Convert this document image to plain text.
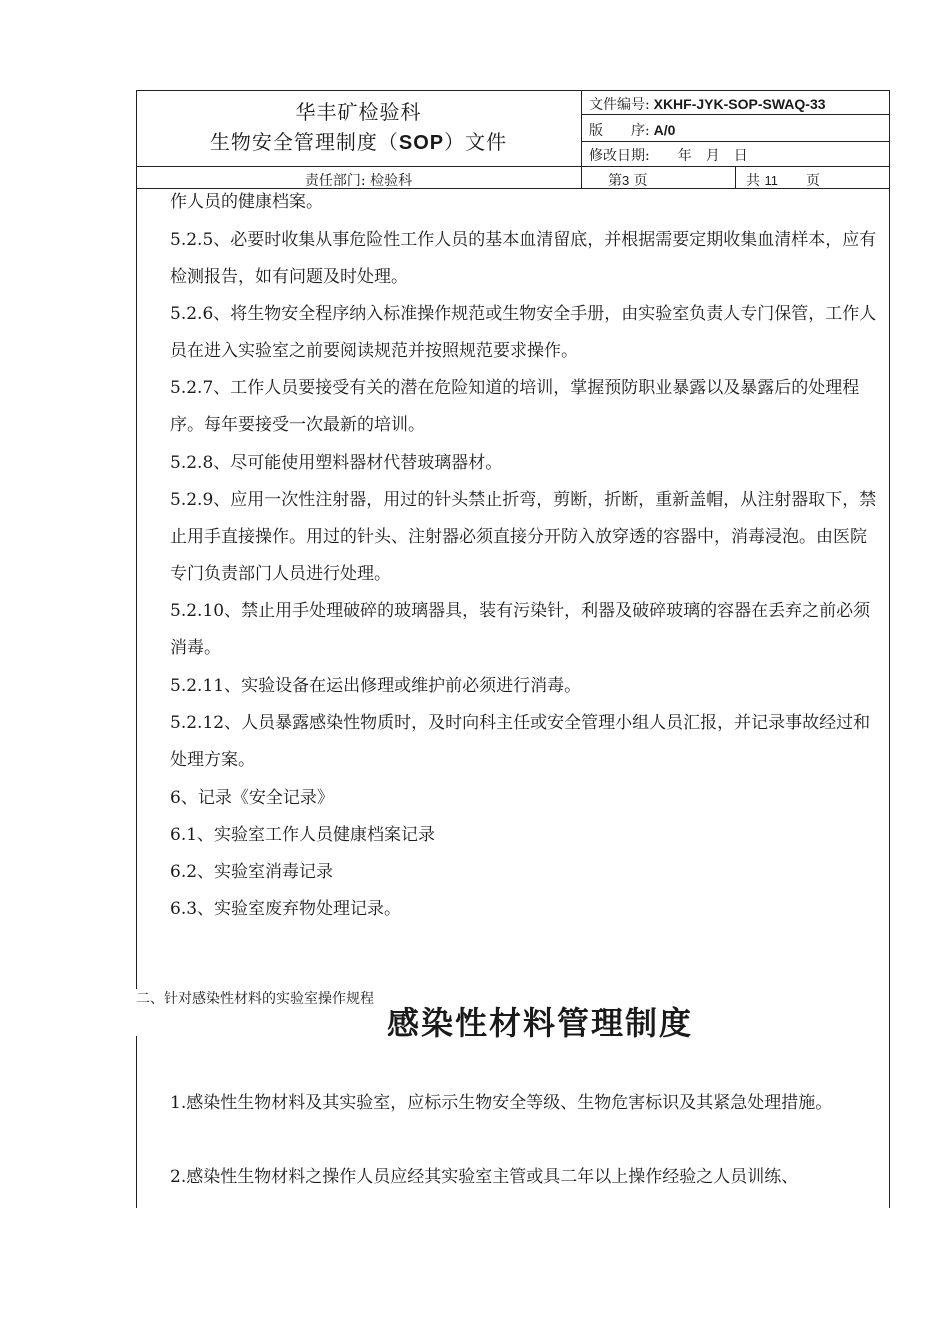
华丰矿检验科
生物安全管理制度（SOP）文件
文件编号: XKHF-JYK-SOP-SWAQ-33
版　　序: A/0
修改日期:　　 年　月　日
责任部门: 检验科	第3 页	共 11　　页

作人员的健康档案。

5.2.5、必要时收集从事危险性工作人员的基本血清留底，并根据需要定期收集血清样本，应有检测报告，如有问题及时处理。

5.2.6、将生物安全程序纳入标准操作规范或生物安全手册，由实验室负责人专门保管，工作人员在进入实验室之前要阅读规范并按照规范要求操作。

5.2.7、工作人员要接受有关的潜在危险知道的培训，掌握预防职业暴露以及暴露后的处理程序。每年要接受一次最新的培训。

5.2.8、尽可能使用塑料器材代替玻璃器材。

5.2.9、应用一次性注射器，用过的针头禁止折弯，剪断，折断，重新盖帽，从注射器取下，禁止用手直接操作。用过的针头、注射器必须直接分开防入放穿透的容器中，消毒浸泡。由医院专门负责部门人员进行处理。

5.2.10、禁止用手处理破碎的玻璃器具，装有污染针，利器及破碎玻璃的容器在丢弃之前必须消毒。

5.2.11、实验设备在运出修理或维护前必须进行消毒。

5.2.12、人员暴露感染性物质时，及时向科主任或安全管理小组人员汇报，并记录事故经过和处理方案。

6、记录《安全记录》

6.1、实验室工作人员健康档案记录

6.2、实验室消毒记录

6.3、实验室废弃物处理记录。

二、针对感染性材料的实验室操作规程
感染性材料管理制度

1.感染性生物材料及其实验室，应标示生物安全等级、生物危害标识及其紧急处理措施。

2.感染性生物材料之操作人员应经其实验室主管或具二年以上操作经验之人员训练、
